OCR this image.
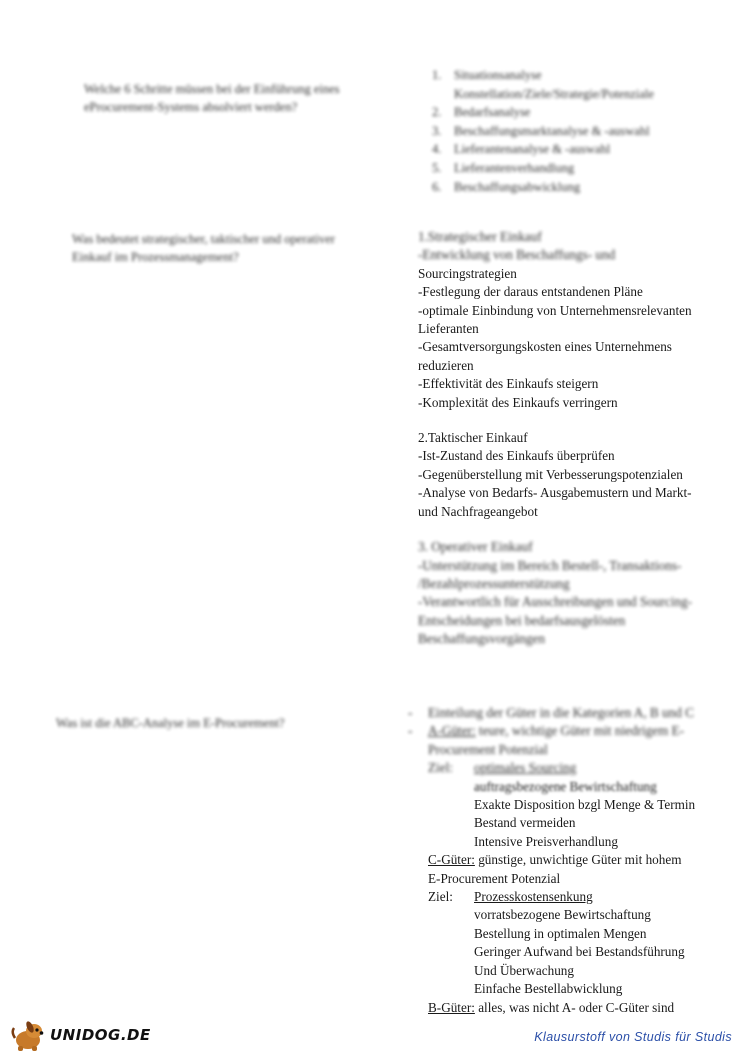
Welche 6 Schritte müssen bei der Einführung eines eProcurement-Systems absolviert werden?
1.	Situationsanalyse
Konstellation/Ziele/Strategie/Potenziale
2.	Bedarfsanalyse
3.	Beschaffungsmarktanalyse & -auswahl
4.	Lieferantenanalyse & -auswahl
5.	Lieferantenverhandlung
6.	Beschaffungsabwicklung
Was bedeutet strategischer, taktischer und operativer Einkauf im Prozessmanagement?
1.Strategischer Einkauf
-Entwicklung von Beschaffungs- und
Sourcingstrategien
-Festlegung der daraus entstandenen Pläne
-optimale Einbindung von Unternehmensrelevanten
Lieferanten
-Gesamtversorgungskosten eines Unternehmens
reduzieren
-Effektivität des Einkaufs steigern
-Komplexität des Einkaufs verringern
2.Taktischer Einkauf
-Ist-Zustand des Einkaufs überprüfen
-Gegenüberstellung mit Verbesserungspotenzialen
-Analyse von Bedarfs- Ausgabemustern und Markt-
und Nachfrageangebot
3. Operativer Einkauf
-Unterstützung im Bereich Bestell-, Transaktions-
/Bezahlprozessunterstützung
-Verantwortlich für Ausschreibungen und Sourcing-
Entscheidungen bei bedarfsausgelösten
Beschaffungsvorgängen
Was ist die ABC-Analyse im E-Procurement?
-	Einteilung der Güter in die Kategorien A, B und C
-	A-Güter: teure, wichtige Güter mit niedrigem E-
Procurement Potenzial
Ziel:	optimales Sourcing
auftragsbezogene Bewirtschaftung
Exakte Disposition bzgl Menge & Termin
Bestand vermeiden
Intensive Preisverhandlung
C-Güter:
günstige, unwichtige Güter mit hohem
E-Procurement Potenzial
Ziel:	Prozesskostensenkung
vorratsbezogene Bewirtschaftung
Bestellung in optimalen Mengen
Geringer Aufwand bei Bestandsführung
Und Überwachung
Einfache Bestellabwicklung
B-Güter:
alles, was nicht A- oder C-Güter sind
UNIDOG.DE	Klausurstoff von Studis für Studis
